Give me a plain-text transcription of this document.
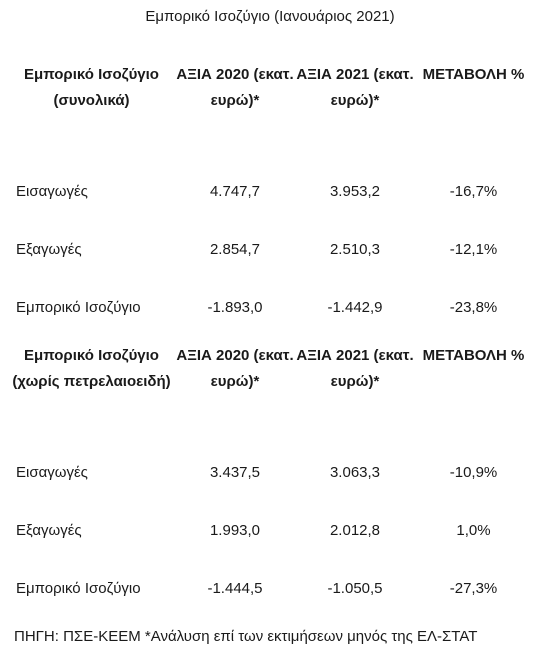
Εμπορικό Ισοζύγιο (Ιανουάριος 2021)
Εμπορικό Ισοζύγιο (συνολικά)	ΑΞΙΑ 2020 (εκατ. ευρώ)*	ΑΞΙΑ 2021 (εκατ. ευρώ)*	ΜΕΤΑΒΟΛΗ %
Εισαγωγές	4.747,7	3.953,2	-16,7%
Εξαγωγές	2.854,7	2.510,3	-12,1%
Εμπορικό Ισοζύγιο	-1.893,0	-1.442,9	-23,8%
Εμπορικό Ισοζύγιο (χωρίς πετρελαιοειδή)	ΑΞΙΑ 2020 (εκατ. ευρώ)*	ΑΞΙΑ 2021 (εκατ. ευρώ)*	ΜΕΤΑΒΟΛΗ %
Εισαγωγές	3.437,5	3.063,3	-10,9%
Εξαγωγές	1.993,0	2.012,8	1,0%
Εμπορικό Ισοζύγιο	-1.444,5	-1.050,5	-27,3%
ΠΗΓΗ: ΠΣΕ-ΚΕΕΜ *Ανάλυση επί των εκτιμήσεων μηνός της ΕΛ-ΣΤΑΤ
